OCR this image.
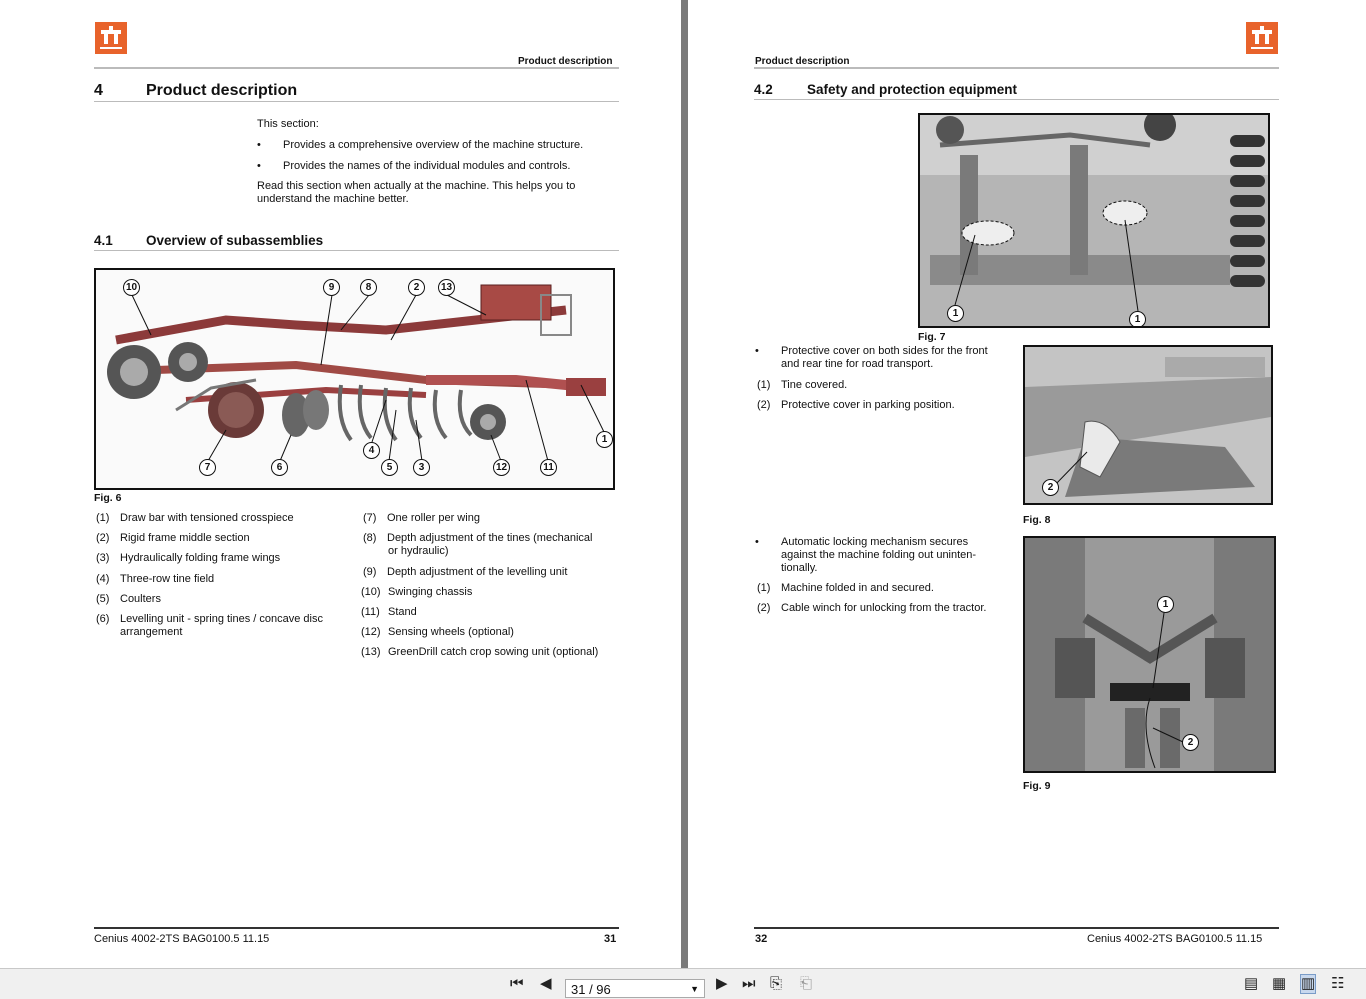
Product description
4	Product description
This section:
• Provides a comprehensive overview of the machine structure.
• Provides the names of the individual modules and controls.
Read this section when actually at the machine. This helps you to
understand the machine better.
4.1 Overview of subassemblies
10	9	8	2	13
1
4
7	6	5	3	12	11
Fig. 6
(1) Draw bar with tensioned crosspiece
(2) Rigid frame middle section
(3) Hydraulically folding frame wings
(4) Three-row tine field
(5) Coulters
(6) Levelling unit - spring tines / concave disc
arrangement
(7) One roller per wing
(8) Depth adjustment of the tines (mechanical
or hydraulic)
(9) Depth adjustment of the levelling unit
(10) Swinging chassis
(11) Stand
(12) Sensing wheels (optional)
(13) GreenDrill catch crop sowing unit (optional)
Cenius 4002-2TS BAG0100.5 11.15	31
Product description
4.2	Safety and protection equipment
1
1
Fig. 7
• Protective cover on both sides for the front
and rear tine for road transport.
(1) Tine covered.
(2) Protective cover in parking position.
2
Fig. 8
• Automatic locking mechanism secures
against the machine folding out uninten-
tionally.
(1) Machine folded in and secured.
(2) Cable winch for unlocking from the tractor.	1
2
Fig. 9
32	Cenius 4002-2TS BAG0100.5 11.15
⏮ ◀	▶ ⏭ ⎘ ⎗	▤ ▦ ▥ ☷
31 / 96	▼
